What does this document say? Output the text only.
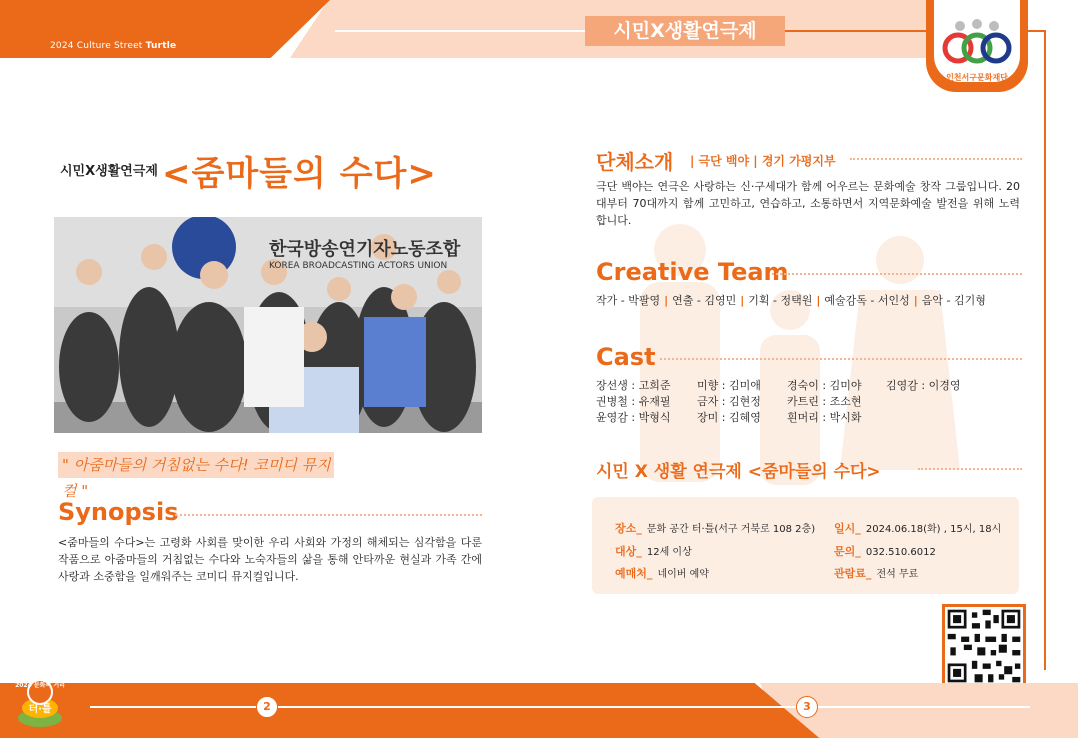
2024 Culture Street Turtle
시민X생활연극제
인천서구문화재단
시민X생활연극제 <줌마들의 수다>
한국방송연기자노동조합
KOREA BROADCASTING ACTORS UNION
" 아줌마들의 거침없는 수다! 코미디 뮤지컬 "
Synopsis
<줌마들의 수다>는 고령화 사회를 맞이한 우리 사회와 가정의 해체되는 심각함을 다룬 작품으로 아줌마들의 거침없는 수다와 노숙자들의 삶을 통해 안타까운 현실과 가족 간에 사랑과 소중함을 일깨워주는 코미디 뮤지컬입니다.
단체소개 | 극단 백야 | 경기 가평지부
극단 백야는 연극은 사랑하는 신·구세대가 함께 어우르는 문화예술 창작 그룹입니다. 20대부터 70대까지 함께 고민하고, 연습하고, 소통하면서 지역문화예술 발전을 위해 노력합니다.
Creative Team
작가 - 박팔영 | 연출 - 김영민 | 기획 - 정택원 | 예술감독 - 서인성 | 음악 - 김기형
Cast
장선생 : 고희준 미향 : 김미애 경숙이 : 김미야 김영감 : 이경영
권병철 : 유재필 금자 : 김현정 카트린 : 조소현
윤영감 : 박형식 장미 : 김혜영 흰머리 : 박시화
시민 X 생활 연극제 <줌마들의 수다>
장소_ 문화 공간 터·틀(서구 거북로 108 2층)
대상_ 12세 이상
예매처_ 네이버 예약
일시_ 2024.06.18(화) , 15시, 18시
문의_ 032.510.6012
관람료_ 전석 무료
2	3
2024 문화의 거리
터·틀
